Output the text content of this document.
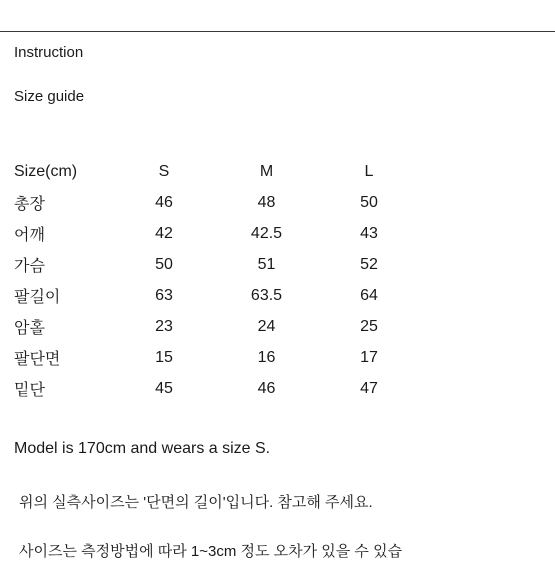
Instruction
Size guide
Size(cm)	S	M	L
총장	46	48	50
어깨	42	42.5	43
가슴	50	51	52
팔길이	63	63.5	64
암홀	23	24	25
팔단면	15	16	17
밑단	45	46	47
Model is 170cm and wears a size S.
위의 실측사이즈는 '단면의 길이'입니다. 참고해 주세요.
사이즈는 측정방법에 따라 1~3cm 정도 오차가 있을 수 있습
